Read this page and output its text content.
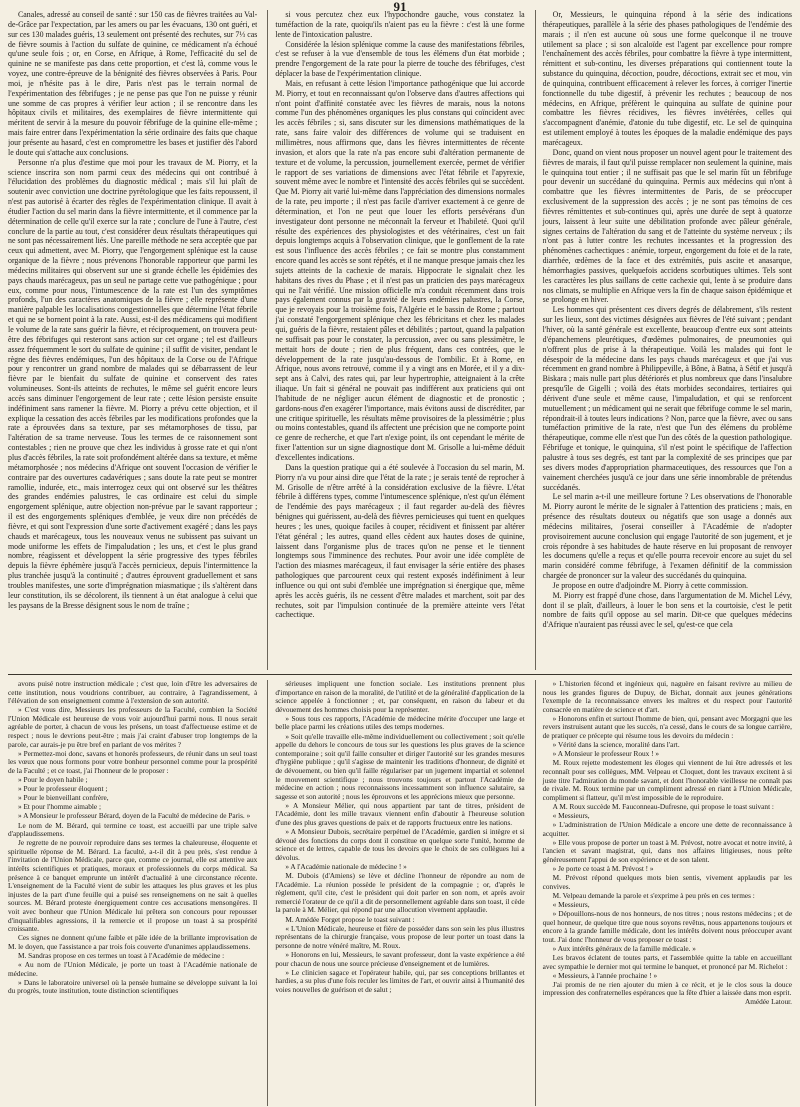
91

Canales, adressé au conseil de santé : sur 150 cas de fièvres traitées au Val-de-Grâce par l'expectation, par les amers ou par les évacuans, 130 ont guéri, et sur ces 130 malades guéris, 13 seulement ont présenté des rechutes, sur 7⅓ cas de fièvre soumis à l'action du sulfate de quinine, ce médicament n'a échoué qu'une seule fois ; or, en Corse, en Afrique, à Rome, l'efficacité du sel de quinine ne se manifeste pas dans cette proportion, et c'est là, comme vous le voyez, une contre-épreuve de la bénignité des fièvres observées à Paris. Pour moi, je n'hésite pas à le dire, Paris n'est pas le terrain normal de l'expérimentation des fébrifuges ; je ne pense pas que l'on ne puisse y réunir une somme de cas propres à vérifier leur action ; il se rencontre dans les hôpitaux civils et militaires, des exemplaires de fièvre intermittente qui méritent de servir à la mesure du pouvoir fébrifuge de la quinine elle-même ; mais faire entrer dans l'expérimentation la série ordinaire des faits que chaque jour présente au hasard, c'est en compromettre les bases et justifier dès l'abord le doute qui s'attache aux conclusions.

Personne n'a plus d'estime que moi pour les travaux de M. Piorry, et la science inscrira son nom parmi ceux des médecins qui ont contribué à l'élucidation des problèmes du diagnostic médical ; mais s'il lui plaît de soutenir avec conviction une doctrine pyrétologique que les faits repoussent, il n'est pas autorisé à écarter des règles de l'expérimentation clinique. Il avait à étudier l'action du sel marin dans la fièvre intermittente, et il commence par la détermination de celle qu'il exerce sur la rate ; conclure de l'une à l'autre, c'est conclure de la partie au tout, c'est considérer deux résultats thérapeutiques qui ne sont pas nécessairement liés. Une pareille méthode ne sera acceptée que par ceux qui admettent, avec M. Piorry, que l'engorgement splénique est la cause organique de la fièvre ; nous prévenons l'honorable rapporteur que parmi les médecins militaires qui observent sur une si grande échelle les épidémies des pays chauds marécageux, pas un seul ne partage cette vue pathogénique ; pour eux, comme pour nous, l'intumescence de la rate est l'un des symptômes profonds, l'un des caractères anatomiques de la fièvre ; elle représente d'une manière palpable les localisations congestionnelles que détermine l'état fébrile et qui ne se bornent point à la rate. Aussi, est-il des médicamens qui modifient le volume de la rate sans guérir la fièvre, et réciproquement, on trouvera peut-être des fébrifuges qui resteront sans action sur cet organe ; tel est d'ailleurs assez fréquemment le sort du sulfate de quinine ; il suffit de visiter, pendant le règne des fièvres endémiques, l'un des hôpitaux de la Corse ou de l'Afrique pour y rencontrer un grand nombre de malades qui se débarrassent de leur fièvre par le bienfait du sulfate de quinine et conservent des rates volumineuses. Sont-ils atteints de rechutes, le même sel guérit encore leurs accès sans diminuer l'engorgement de leur rate ; cette lésion persiste ensuite indéfiniment sans ramener la fièvre. M. Piorry a prévu cette objection, et il explique la cessation des accès fébriles par les modifications profondes que la rate a éprouvées dans sa texture, par ses métamorphoses de tissu, par l'altération de sa trame nerveuse. Tous les termes de ce raisonnement sont contestables ; rien ne prouve que chez les individus à grosse rate et qui n'ont plus d'accès fébriles, la rate soit profondément altérée dans sa texture, et même métamorphosée ; nos médecins d'Afrique ont souvent l'occasion de vérifier le contraire par des ouvertures cadavériques ; sans doute la rate peut se montrer ramollie, indurée, etc., mais interrogez ceux qui ont observé sur les théâtres des grandes endémies palustres, le cas ordinaire est celui du simple engorgement splénique, autre objection non-prévue par le savant rapporteur ; il est des engorgements spléniques d'emblée, je veux dire non précédés de fièvre, et qui sont l'expression d'une sorte d'activement exagéré ; dans les pays chauds et marécageux, tous les nouveaux venus ne subissent pas suivant un mode uniforme les effets de l'impaludation ; les uns, et c'est le plus grand nombre, réagissent et développent la série progressive des types fébriles depuis la fièvre éphémère jusqu'à l'accès pernicieux, depuis l'intermittence la plus tranchée jusqu'à la continuité ; d'autres éprouvent graduellement et sans troubles manifestes, une sorte d'imprégnation miasmatique ; ils s'altèrent dans leur constitution, ils se décolorent, ils tiennent à un état analogue à celui que les paysans de la Bresse désignent sous le nom de traîne ;

si vous percutez chez eux l'hypochondre gauche, vous constatez la tuméfaction de la rate, quoiqu'ils n'aient pas eu la fièvre : c'est là une forme lente de l'intoxication palustre.

Considérée la lésion splénique comme la cause des manifestations fébriles, c'est se refuser à la vue d'ensemble de tous les élémens d'un état morbide ; prendre l'engorgement de la rate pour la pierre de touche des fébrifuges, c'est déplacer la base de l'expérimentation clinique.

Mais, en refusant à cette lésion l'importance pathogénique que lui accorde M. Piorry, et tout en reconnaissant qu'on l'observe dans d'autres affections qui n'ont point d'affinité constatée avec les fièvres de marais, nous la notons comme l'un des phénomènes organiques les plus constans qui coïncident avec les accès fébriles ; si, sans discuter sur les dimensions mathématiques de la rate, sans faire valoir des différences de volume qui se traduisent en millimètres, nous affirmons que, dans les fièvres intermittentes de récente invasion, et alors que la rate n'a pas encore subi d'altération permanente de texture et de volume, la percussion, journellement exercée, permet de vérifier le rapport de ses variations de dimensions avec l'état fébrile et l'apyrexie, souvent même avec le nombre et l'intensité des accès fébriles qui se succèdent. Que M. Piorry ait varié lui-même dans l'appréciation des dimensions normales de la rate, peu importe ; il n'est pas facile d'arriver exactement à ce genre de détermination, et l'on ne peut que louer les efforts persévérans d'un investigateur dont personne ne méconnaît la ferveur et l'habileté. Quoi qu'il résulte des expériences des physiologistes et des vétérinaires, c'est un fait depuis longtemps acquis à l'observation clinique, que le gonflement de la rate est sous l'influence des accès fébriles ; ce fait se montre plus constamment encore quand les accès se sont répétés, et il ne manque presque jamais chez les sujets atteints de la cachexie de marais. Hippocrate le signalait chez les habitans des rives du Phase ; et il n'est pas un praticien des pays marécageux qui ne l'ait vérifié. Une mission officielle m'a conduit récemment dans trois pays également connus par la gravité de leurs endémies palustres, la Corse, que je revoyais pour la troisième fois, l'Algérie et le bassin de Rome ; partout j'ai constaté l'engorgement splénique chez les fébricitans et chez les malades qui, guéris de la fièvre, restaient pâles et débilités ; partout, quand la palpation ne suffisait pas pour le constater, la percussion, avec ou sans plessimètre, le mettait hors de doute ; rien de plus fréquent, dans ces contrées, que le développement de la rate jusqu'au-dessous de l'ombilic. Et à Rome, en Afrique, nous avons retrouvé, comme il y a vingt ans en Morée, et il y a dix-sept ans à Calvi, des rates qui, par leur hypertrophie, atteignaient à la crête iliaque. Un fait si général ne pouvait pas indifférent aux praticiens qui ont l'habitude de ne négliger aucun élément de diagnostic et de pronostic ; gardons-nous d'en exagérer l'importance, mais évitons aussi de discréditer, par une critique spirituelle, les résultats même provisoires de la plessimétrie ; plus ou moins contestables, quand ils affectent une précision que ne comporte point ce genre de recherche, et que l'art n'exige point, ils ont cependant le mérite de fixer l'attention sur un signe diagnostique dont M. Grisolle a lui-même déduit d'excellentes indications.

Dans la question pratique qui a été soulevée à l'occasion du sel marin, M. Piorry n'a vu pour ainsi dire que l'état de la rate ; je serais tenté de reprocher à M. Grisolle de n'être arrêté à la considération exclusive de la fièvre. L'état fébrile à différens types, comme l'intumescence splénique, n'est qu'un élément de l'endémie des pays marécageux ; il faut regarder au-delà des fièvres bénignes qui guérissent, au-delà des fièvres pernicieuses qui tuent en quelques heures ; les unes, quoique faciles à couper, récidivent et finissent par altérer l'état général ; les autres, quand elles cèdent aux hautes doses de quinine, laissent dans l'organisme plus de traces qu'on ne pense et le tiennent longtemps sous l'imminence des rechutes. Pour avoir une idée complète de l'action des miasmes marécageux, il faut envisager la série entière des phases pathologiques que parcourent ceux qui restent exposés indéfiniment à leur influence ou qui ont subi d'emblée une imprégnation si énergique que, même après les accès guéris, ils ne cessent d'être malades et marchent, soit par des rechutes, soit par l'impulsion continuée de la première atteinte vers l'état cachectique.

Or, Messieurs, le quinquina répond à la série des indications thérapeutiques, parallèle à la série des phases pathologiques de l'endémie des marais ; il n'en est aucune où sous une forme quelconque il ne trouve utilement sa place ; si son alcaloïde est l'agent par excellence pour rompre l'enchaînement des accès fébriles, pour combattre la fièvre à type intermittent, rémittent et sub-continu, les diverses préparations qui contiennent toute la substance du quinquina, décoction, poudre, décoctions, extrait sec et mou, vin de quinquina, contribuent efficacement à relever les forces, à corriger l'inertie fonctionnelle du tube digestif, à prévenir les rechutes ; beaucoup de nos médecins, en Afrique, préfèrent le quinquina au sulfate de quinine pour combattre les fièvres récidives, les fièvres invétérées, celles qui s'accompagnent d'anémie, d'atonie du tube digestif, etc. Le sel de quinquina est utilement employé à toutes les époques de la maladie endémique des pays marécageux.

Donc, quand on vient nous proposer un nouvel agent pour le traitement des fièvres de marais, il faut qu'il puisse remplacer non seulement la quinine, mais le quinquina tout entier ; il ne suffisait pas que le sel marin fût un fébrifuge pour devenir un succédané du quinquina. Permis aux médecins qui n'ont à combattre que les fièvres intermittentes de Paris, de se préoccuper exclusivement de la suppression des accès ; je ne sont pas témoins de ces fièvres rémittentes et sub-continues qui, après une durée de sept à quatorze jours, laissent à leur suite une débilitation profonde avec pâleur générale, signes certains de l'altération du sang et de l'atteinte du système nerveux ; ils n'ont pas à lutter contre les rechutes incessantes et la progression des phénomènes cachectiques : anémie, torpeur, engorgement du foie et de la rate, diarrhée, œdèmes de la face et des extrémités, puis ascite et anasarque, hémorrhagies passives, quelquefois accidens scorbutiques ultimes. Tels sont les caractères les plus saillans de cette cachexie qui, lente à se produire dans nos climats, se multiplie en Afrique vers la fin de chaque saison épidémique et se prolonge en hiver.

Les hommes qui présentent ces divers degrés de délabrement, s'ils restent sur les lieux, sont des victimes désignées aux fièvres de l'été suivant ; pendant l'hiver, où la santé générale est excellente, beaucoup d'entre eux sont atteints d'épanchemens pleurétiques, d'œdèmes pulmonaires, de pneumonies qui n'offrent plus de prise à la thérapeutique. Voilà les malades qui font le désespoir de la médecine dans les pays chauds marécageux et que j'ai vus récemment en grand nombre à Philippeville, à Bône, à Batna, à Sétif et jusqu'à Biskara ; mais nulle part plus détériorés et plus nombreux que dans l'insalubre presqu'île de Gigelli ; voilà des états morbides secondaires, tertiaires qui dérivent d'une seule et même cause, l'impaludation, et qui se renforcent mutuellement ; un médicament qui ne serait que fébrifuge comme le sel marin, répondrait-il à toutes leurs indications ? Non, parce que la fièvre, avec ou sans tuméfaction primitive de la rate, n'est que l'un des élémens du problème thérapeutique, comme elle n'est que l'un des côtés de la question pathologique. Fébrifuge et tonique, le quinquina, s'il n'est point le spécifique de l'affection palustre à tous ses degrés, est tant par la complexité de ses principes que par ses divers modes d'appropriation pharmaceutiques, des ressources que l'on a vainement cherchées jusqu'à ce jour dans une série innombrable de prétendus succédanés.

Le sel marin a-t-il une meilleure fortune ? Les observations de l'honorable M. Piorry auront le mérite de le signaler à l'attention des praticiens ; mais, en présence des résultats douteux ou négatifs que son usage a donnés aux médecins militaires, j'oserai conseiller à l'Académie de n'adopter provisoirement aucune conclusion qui engage l'autorité de son jugement, et je crois répondre à ses habitudes de haute réserve en lui proposant de renvoyer les documens qu'elle a reçus et qu'elle pourra recevoir encore au sujet du sel marin considéré comme fébrifuge, à l'examen définitif de la commission chargée de prononcer sur la valeur des succédanés du quinquina.

Je propose en outre d'adjoindre M. Piorry à cette commission.

M. Piorry est frappé d'une chose, dans l'argumentation de M. Michel Lévy, dont il se plaît, d'ailleurs, à louer le bon sens et la courtoisie, c'est le petit nombre de faits qu'il oppose au sel marin. Dit-ce que quelques médecins d'Afrique n'auraient pas réussi avec le sel, qu'est-ce que cela

avons puisé notre instruction médicale ; c'est que, loin d'être les adversaires de cette institution, nous voudrions contribuer, au contraire, à l'agrandissement, à l'élévation de son enseignement comme à l'extension de son autorité.

» C'est vous dire, Messieurs les professeurs de la Faculté, combien la Société l'Union Médicale est heureuse de vous voir aujourd'hui parmi nous. Il nous serait agréable de porter, à chacun de vous les présens, un toast d'affectueuse estime et de respect ; nous le devrions peut-être ; mais j'ai craint d'abuser trop longtemps de la parole, car aurais-je pu être bref en parlant de vos mérites ?

» Permettez-moi donc, savans et honorés professeurs, de réunir dans un seul toast les vœux que nous formons pour votre bonheur personnel comme pour la prospérité de la Faculté ; et ce toast, j'ai l'honneur de le proposer :

» Pour le doyen habile ;

» Pour le professeur éloquent ;

» Pour le bienveillant confrère,

» Et pour l'homme aimable ;

» A Monsieur le professeur Bérard, doyen de la Faculté de médecine de Paris. »

Le nom de M. Bérard, qui termine ce toast, est accueilli par une triple salve d'applaudissemens.

Je regrette de ne pouvoir reproduire dans ses termes la chaleureuse, éloquente et spirituelle réponse de M. Bérard. La faculté, a-t-il dit à peu près, s'est rendue à l'invitation de l'Union Médicale, parce que, comme ce journal, elle est attentive aux intérêts scientifiques et pratiques, moraux et professionnels du corps médical. Sa présence à ce banquet emprunte un intérêt d'actualité à une circonstance récente. L'enseignement de la Faculté vient de subir les attaques les plus graves et les plus injustes de la part d'une feuille qui a puisé ses renseignemens on ne sait à quelles sources. M. Bérard proteste énergiquement contre ces accusations mensongères. Il voit avec bonheur que l'Union Médicale lui prêtera son concours pour repousser d'inqualifiables agressions, il la remercie et il propose un toast à sa prospérité croissante.

Ces signes ne donnent qu'une faible et pâle idée de la brillante improvisation de M. le doyen, que l'assistance a par trois fois couverte d'unanimes applaudissemens.

M. Sandras propose en ces termes un toast à l'Académie de médecine :

« Au nom de l'Union Médicale, je porte un toast à l'Académie nationale de médecine.

» Dans le laboratoire universel où la pensée humaine se développe suivant la loi du progrès, toute institution, toute distinction scientifiques

sérieuses impliquent une fonction sociale. Les institutions prennent plus d'importance en raison de la moralité, de l'utilité et de la généralité d'application de la science appelée à fonctionner ; et, par conséquent, en raison du labeur et du dévouement des hommes choisis pour la représenter.

» Sous tous ces rapports, l'Académie de médecine mérite d'occuper une large et belle place parmi les créations utiles des temps modernes.

» Soit qu'elle travaille elle-même individuellement ou collectivement ; soit qu'elle appelle du dehors le concours de tous sur les questions les plus graves de la science contemporaine ; soit qu'il faille consulter et diriger l'autorité sur les grandes mesures d'hygiène publique ; qu'il s'agisse de maintenir les traditions d'honneur, de dignité et de dévouement, ou bien qu'il faille régulariser par un jugement impartial et solennel le mouvement scientifique ; nous trouvons toujours et partout l'Académie de médecine en action ; nous reconnaissons incessamment son influence salutaire, sa sagesse et son autorité ; nous les éprouvons et les apprécions mieux que personne.

» A Monsieur Mélier, qui nous appartient par tant de titres, président de l'Académie, dont les mille travaux viennent enfin d'aboutir à l'heureuse solution d'une des plus graves questions de paix et de rapports fructueux entre les nations.

» A Monsieur Dubois, secrétaire perpétuel de l'Académie, gardien si intègre et si dévoué des fonctions du corps dont il constitue en quelque sorte l'unité, homme de science et de lettres, capable de tous les devoirs que le choix de ses collègues lui a dévolus.

» A l'Académie nationale de médecine ! »

M. Dubois (d'Amiens) se lève et décline l'honneur de répondre au nom de l'Académie. La réunion possède le président de la compagnie ; or, d'après le règlement, qu'il cite, c'est le président qui doit parler en son nom, et après avoir remercié l'orateur de ce qu'il a dit de personnellement agréable dans son toast, il cède la parole à M. Mélier, qui répond par une allocution vivement applaudie.

M. Amédée Forget propose le toast suivant :

« L'Union Médicale, heureuse et fière de posséder dans son sein les plus illustres représentans de la chirurgie française, vous propose de leur porter un toast dans la personne de notre vénéré maître, M. Roux.

» Honorons en lui, Messieurs, le savant professeur, dont la vaste expérience a été pour chacun de nous une source précieuse d'enseignement et de lumières.

» Le clinicien sagace et l'opérateur habile, qui, par ses conceptions brillantes et hardies, a su plus d'une fois reculer les limites de l'art, et ouvrir ainsi à l'humanité des voies nouvelles de guérison et de salut ;

» L'historien fécond et ingénieux qui, naguère en faisant revivre au milieu de nous les grandes figures de Dupuy, de Bichat, donnait aux jeunes générations l'exemple de la reconnaissance envers les maîtres et du respect pour l'autorité consacrée en matière de science et d'art.

» Honorons enfin et surtout l'homme de bien, qui, pensant avec Morgagni que les revers instruisent autant que les succès, n'a cessé, dans le cours de sa longue carrière, de pratiquer ce précepte qui résume tous les devoirs du médecin :

» Vérité dans la science, moralité dans l'art.

» A Monsieur le professeur Roux ! »

M. Roux rejette modestement les éloges qui viennent de lui être adressés et les reconnaît pour ses collègues, MM. Velpeau et Cloquet, dont les travaux excitent à si juste titre l'admiration du monde savant, et dont l'honorable vieillesse ne connaît pas de rivale. M. Roux termine par un compliment adressé en riant à l'Union Médicale, compliment si flatteur, qu'il m'est impossible de le reproduire.

A M. Roux succède M. Fauconneau-Dufresne, qui propose le toast suivant :

« Messieurs,

» L'administration de l'Union Médicale a encore une dette de reconnaissance à acquitter.

» Elle vous propose de porter un toast à M. Prévost, notre avocat et notre invité, à l'ancien et savant magistrat, qui, dans nos affaires litigieuses, nous prête généreusement l'appui de son expérience et de son talent.

» Je porte ce toast à M. Prévost ! »

M. Prévost répond quelques mots bien sentis, vivement applaudis par les convives.

M. Velpeau demande la parole et s'exprime à peu près en ces termes :

« Messieurs,

» Dépouillons-nous de nos honneurs, de nos titres ; nous restons médecins ; et de quel honneur, de quelque titre que nous soyons revêtus, nous appartenons toujours et encore à la grande famille médicale, dont les intérêts doivent nous préoccuper avant tout. J'ai donc l'honneur de vous proposer ce toast :

» Aux intérêts généraux de la famille médicale. »

Les bravos éclatent de toutes parts, et l'assemblée quitte la table en accueillant avec sympathie le dernier mot qui termine le banquet, et prononcé par M. Richelot :

« Messieurs, à l'année prochaine ! »

J'ai promis de ne rien ajouter du mien à ce récit, et je le clos sous la douce impression des confraternelles espérances que la fête d'hier a laissée dans mon esprit.

Amédée Latour.
